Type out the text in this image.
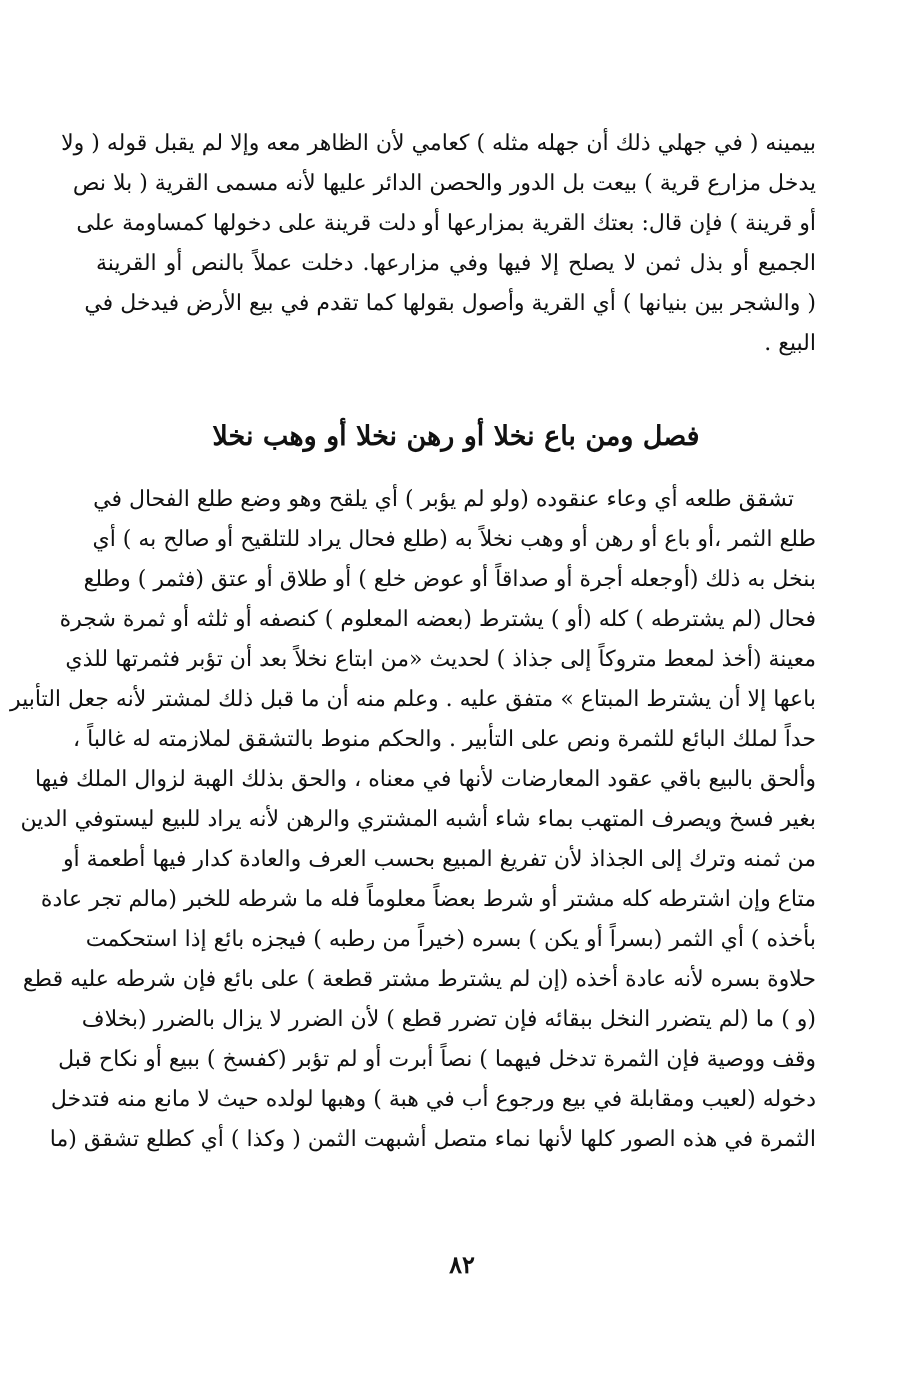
بيمينه ( في جهلي ذلك أن جهله مثله ) كعامي لأن الظاهر معه وإلا لم يقبل قوله ( ولا
يدخل مزارع قرية ) بيعت بل الدور والحصن الدائر عليها لأنه مسمى القرية ( بلا نص
أو قرينة ) فإن قال: بعتك القرية بمزارعها أو دلت قرينة على دخولها كمساومة على
الجميع أو بذل ثمن لا يصلح إلا فيها وفي مزارعها. دخلت عملاً بالنص أو القرينة
( والشجر بين بنيانها ) أي القرية وأصول بقولها كما تقدم في بيع الأرض فيدخل في
البيع .
فصل ومن باع نخلا أو رهن نخلا أو وهب نخلا
تشقق طلعه أي وعاء عنقوده (ولو لم يؤبر ) أي يلقح وهو وضع طلع الفحال في
طلع الثمر ،أو باع أو رهن أو وهب نخلاً به (طلع فحال يراد للتلقيح أو صالح به ) أي
بنخل به ذلك (أوجعله أجرة أو صداقاً أو عوض خلع ) أو طلاق أو عتق (فثمر ) وطلع
فحال (لم يشترطه ) كله (أو ) يشترط (بعضه المعلوم ) كنصفه أو ثلثه أو ثمرة شجرة
معينة (أخذ لمعط متروكاً إلى جذاذ ) لحديث «من ابتاع نخلاً بعد أن تؤبر فثمرتها للذي
باعها إلا أن يشترط المبتاع » متفق عليه . وعلم منه أن ما قبل ذلك لمشتر لأنه جعل التأبير
حداً لملك البائع للثمرة ونص على التأبير . والحكم منوط بالتشقق لملازمته له غالباً ،
وألحق بالبيع باقي عقود المعارضات لأنها في معناه ، والحق بذلك الهبة لزوال الملك فيها
بغير فسخ ويصرف المتهب بماء شاء أشبه المشتري والرهن لأنه يراد للبيع ليستوفي الدين
من ثمنه وترك إلى الجذاذ لأن تفريغ المبيع بحسب العرف والعادة كدار فيها أطعمة أو
متاع وإن اشترطه كله مشتر أو شرط بعضاً معلوماً فله ما شرطه للخبر (مالم تجر عادة
بأخذه ) أي الثمر (بسراً أو يكن ) بسره (خيراً من رطبه ) فيجزه بائع إذا استحكمت
حلاوة بسره لأنه عادة أخذه (إن لم يشترط مشتر قطعة ) على بائع فإن شرطه عليه قطع
(و ) ما (لم يتضرر النخل ببقائه فإن تضرر قطع ) لأن الضرر لا يزال بالضرر (بخلاف
وقف ووصية فإن الثمرة تدخل فيهما ) نصاً أبرت أو لم تؤبر (كفسخ ) ببيع أو نكاح قبل
دخوله (لعيب ومقابلة في بيع ورجوع أب في هبة ) وهبها لولده حيث لا مانع منه فتدخل
الثمرة في هذه الصور كلها لأنها نماء متصل أشبهت الثمن ( وكذا ) أي كطلع تشقق (ما
٨٢
